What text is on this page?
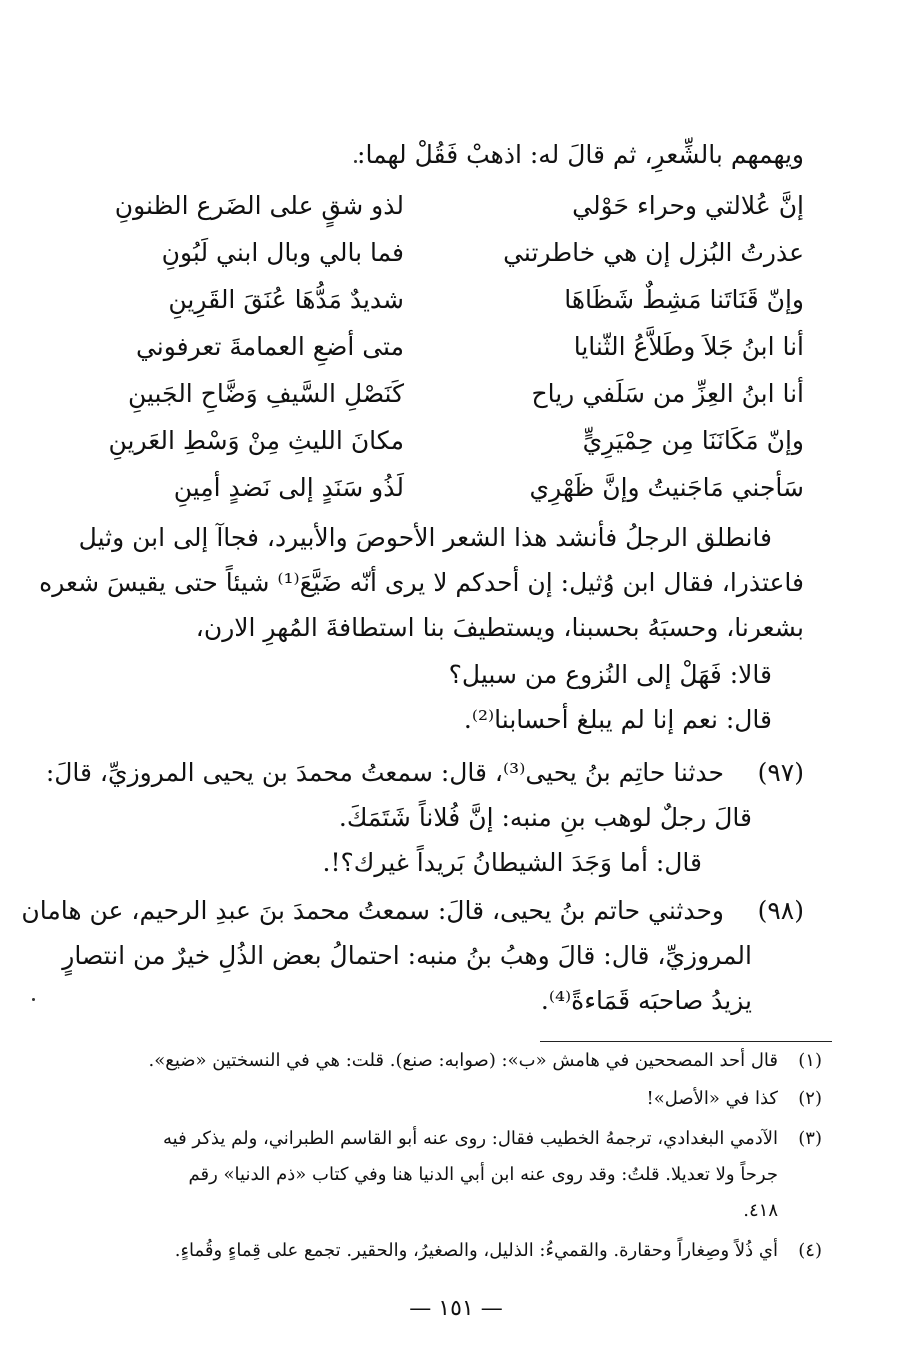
ويهمهم بالشِّعرِ، ثم قالَ له: اذهبْ فَقُلْ لهما:
إنَّ عُلالتي وحراء حَوْلي
لذو شقٍ على الضَرع الظنونِ
عذرتُ البُزل إن هي خاطرتني
فما بالي وبال ابني لَبُونِ
وإنّ قَنَاتَنا مَشِطٌ شَظَاهَا
شديدٌ مَدُّهَا عُنَقَ القَرِينِ
أنا ابنُ جَلاَ وطَلاَّعُ الثّنايا
متى أضعِ العمامةَ تعرفوني
أنا ابنُ العِزِّ من سَلَفي رياح
كَنَصْلِ السَّيفِ وَضَّاحِ الجَبينِ
وإنّ مَكَانَنَا مِن حِمْيَرِيٍّ
مكانَ الليثِ مِنْ وَسْطِ العَرينِ
سَأجني مَاجَنيتُ وإنَّ ظَهْرِي
لَذُو سَنَدٍ إلى نَضدٍ أمِينِ
فانطلق الرجلُ فأنشد هذا الشعر الأحوصَ والأبيرد، فجاآ إلى ابن وثيل
فاعتذرا، فقال ابن وُثيل: إن أحدكم لا يرى أنّه ضَيَّعَ⁽¹⁾ شيئاً حتى يقيسَ شعره
بشعرنا، وحسبَهُ بحسبنا، ويستطيفَ بنا استطافةَ المُهرِ الارن،
قالا: فَهَلْ إلى النُزوع من سبيل؟
قال: نعم إنا لم يبلغ أحسابنا⁽²⁾.
(٩٧)
حدثنا حاتِم بنُ يحيى⁽³⁾، قال: سمعتُ محمدَ بن يحيى المروزيِّ، قالَ:
قالَ رجلٌ لوهب بنِ منبه: إنَّ فُلاناً شَتَمَكَ.
قال: أما وَجَدَ الشيطانُ بَريداً غيرك؟!.
(٩٨)
وحدثني حاتم بنُ يحيى، قالَ: سمعتُ محمدَ بنَ عبدِ الرحيم، عن هامان
المروزيِّ، قال: قالَ وهبُ بنُ منبه: احتمالُ بعض الذُلِ خيرٌ من انتصارٍ
يزيدُ صاحبَه قَمَاءةً⁽⁴⁾.
(١)
قال أحد المصححين في هامش «ب»: (صوابه: صنع). قلت: هي في النسختين «ضيع».
(٢)
كذا في «الأصل»!
(٣)
الآدمي البغدادي، ترجمهُ الخطيب فقال: روى عنه أبو القاسم الطبراني، ولم يذكر فيه
جرحاً ولا تعديلا. قلتُ: وقد روى عنه ابن أبي الدنيا هنا وفي كتاب «ذم الدنيا» رقم
٤١٨.
(٤)
أي ذُلاً وصِغاراً وحقارة. والقميءُ: الذليل، والصغيرُ، والحقير. تجمع على قِماءٍ وقُماءٍ.
— ١٥١ —
